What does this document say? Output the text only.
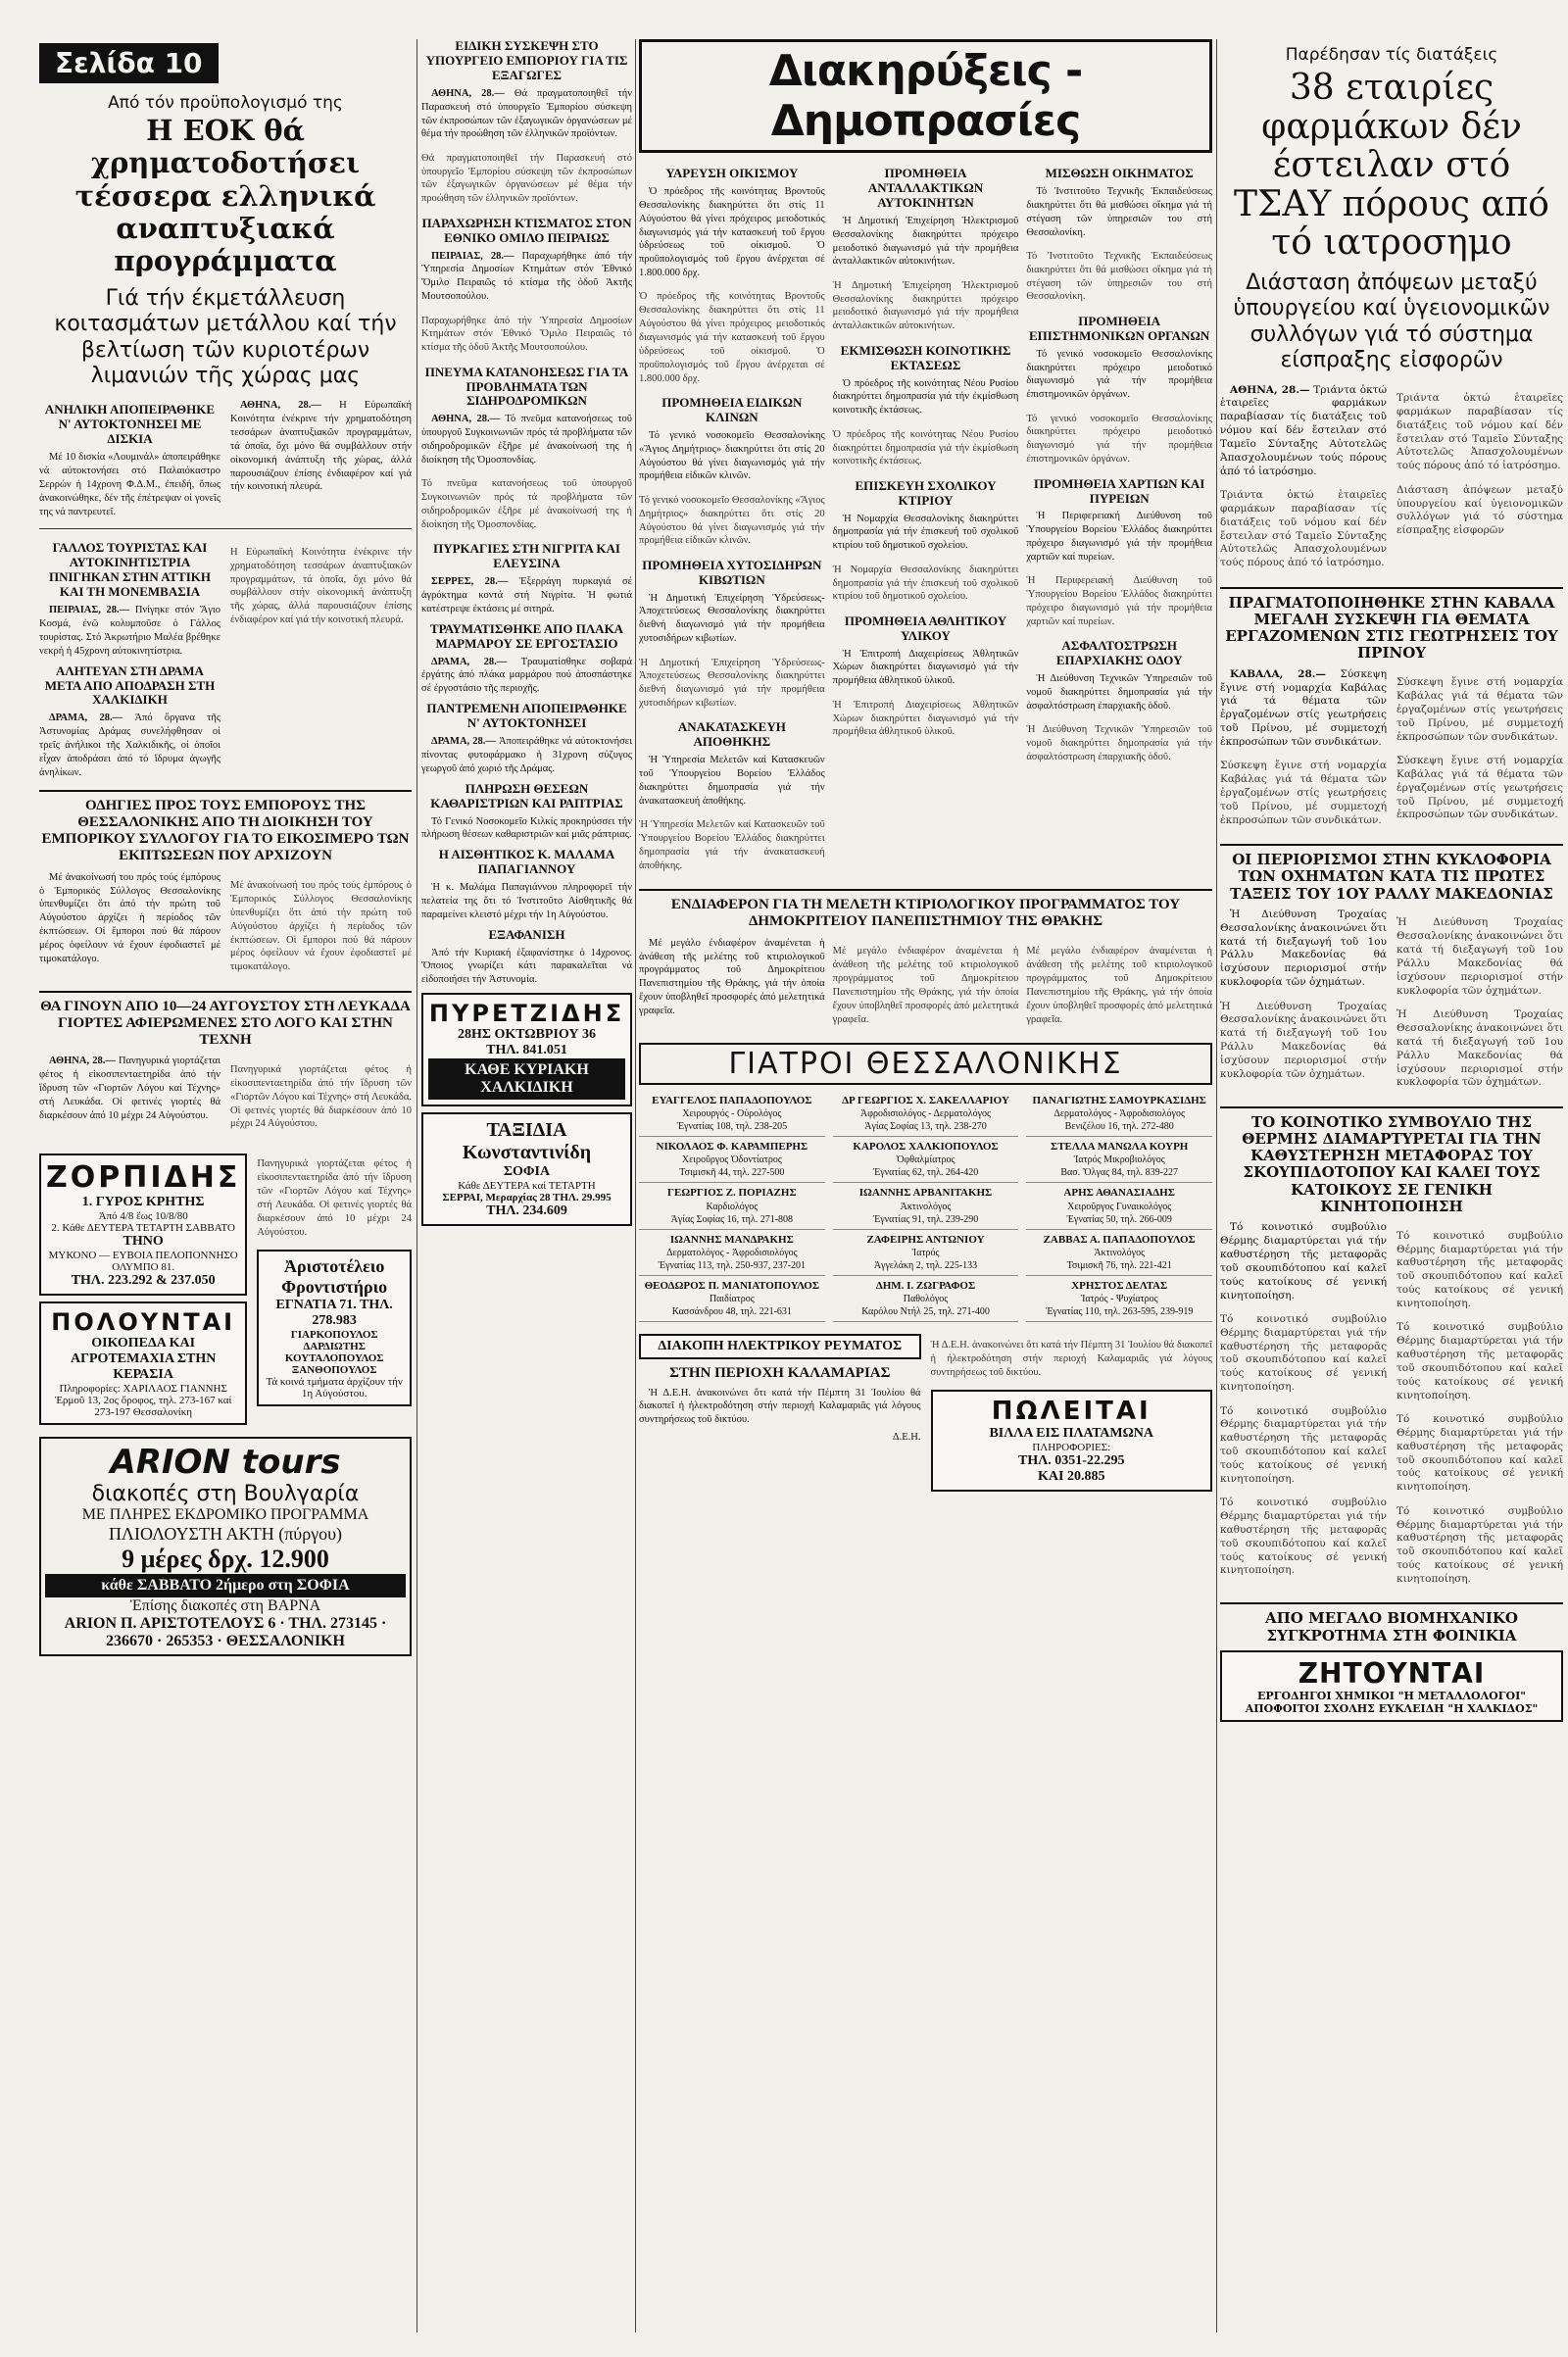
Σελίδα 10
Από τόν προϋπολογισμό της
Η ΕΟΚ θά χρηματοδοτήσει τέσσερα ελληνικά αναπτυξιακά προγράμματα
Γιά τήν έκμετάλλευση κοιτασμάτων μετάλλου καί τήν βελτίωση τῶν κυριοτέρων λιμανιών τῆς χώρας μας
ΑΝΗΛΙΚΗ ΑΠΟΠΕΙΡΑΘΗΚΕ Ν' ΑΥΤΟΚΤΟΝΗΣΕΙ ΜΕ ΔΙΣΚΙΑ

Μέ 10 δισκία «Λουμινάλ» ἀποπειράθηκε νά αὐτοκτονήσει στό Παλαιόκαστρο Σερρών ἡ 14χρονη Φ.Δ.Μ., ἐπειδή, ὅπως ἀνακοινώθηκε, δέν τῆς ἐπέτρεψαν οἱ γονεῖς της νά παντρευτεῖ.

ΑΘΗΝΑ, 28.— Η Εὐρωπαϊκή Κοινότητα ἐνέκρινε τήν χρηματοδότηση τεσσάρων ἀναπτυξιακῶν προγραμμάτων, τά ὁποῖα, ὄχι μόνο θά συμβάλλουν στήν οἰκονομική ἀνάπτυξη τῆς χώρας, ἀλλά παρουσιάζουν ἐπίσης ἐνδιαφέρον καί γιά τήν κοινοτική πλευρά.

ΓΑΛΛΟΣ ΤΟΥΡΙΣΤΑΣ ΚΑΙ ΑΥΤΟΚΙΝΗΤΙΣΤΡΙΑ ΠΝΙΓΗΚΑΝ ΣΤΗΝ ΑΤΤΙΚΗ ΚΑΙ ΤΗ ΜΟΝΕΜΒΑΣΙΑ

ΠΕΙΡΑΙΑΣ, 28.— Πνίγηκε στόν Ἅγιο Κοσμά, ἐνῶ κολυμποῦσε ὁ Γάλλος τουρίστας. Στό Ἀκρωτήριο Μαλέα βρέθηκε νεκρή ἡ 45χρονη αὐτοκινητίστρια.

ΑΛΗΤΕΥΑΝ ΣΤΗ ΔΡΑΜΑ ΜΕΤΑ ΑΠΟ ΑΠΟΔΡΑΣΗ ΣΤΗ ΧΑΛΚΙΔΙΚΗ

ΔΡΑΜΑ, 28.— Ἀπό ὄργανα τῆς Ἀστυνομίας Δράμας συνελήφθησαν οἱ τρεῖς ἀνήλικοι τῆς Χαλκιδικῆς, οἱ ὁποῖοι εἶχαν ἀποδράσει ἀπό τό ἵδρυμα ἀγωγῆς ἀνηλίκων.

Η Εὐρωπαϊκή Κοινότητα ἐνέκρινε τήν χρηματοδότηση τεσσάρων ἀναπτυξιακῶν προγραμμάτων, τά ὁποῖα, ὄχι μόνο θά συμβάλλουν στήν οἰκονομική ἀνάπτυξη τῆς χώρας, ἀλλά παρουσιάζουν ἐπίσης ἐνδιαφέρον καί γιά τήν κοινοτική πλευρά.

ΟΔΗΓΙΕΣ ΠΡΟΣ ΤΟΥΣ ΕΜΠΟΡΟΥΣ ΤΗΣ ΘΕΣΣΑΛΟΝΙΚΗΣ ΑΠΟ ΤΗ ΔΙΟΙΚΗΣΗ ΤΟΥ ΕΜΠΟΡΙΚΟΥ ΣΥΛΛΟΓΟΥ ΓΙΑ ΤΟ ΕΙΚΟΣΙΜΕΡΟ ΤΩΝ ΕΚΠΤΩΣΕΩΝ ΠΟΥ ΑΡΧΙΖΟΥΝ

Μέ ἀνακοίνωσή του πρός τούς ἐμπόρους ὁ Ἐμπορικός Σύλλογος Θεσσαλονίκης ὑπενθυμίζει ὅτι ἀπό τήν πρώτη τοῦ Αὐγούστου ἀρχίζει ἡ περίοδος τῶν ἐκπτώσεων. Οἱ ἔμποροι πού θά πάρουν μέρος ὀφείλουν νά ἔχουν ἐφοδιαστεῖ μέ τιμοκατάλογο.

Μέ ἀνακοίνωσή του πρός τούς ἐμπόρους ὁ Ἐμπορικός Σύλλογος Θεσσαλονίκης ὑπενθυμίζει ὅτι ἀπό τήν πρώτη τοῦ Αὐγούστου ἀρχίζει ἡ περίοδος τῶν ἐκπτώσεων. Οἱ ἔμποροι πού θά πάρουν μέρος ὀφείλουν νά ἔχουν ἐφοδιαστεῖ μέ τιμοκατάλογο.

ΘΑ ΓΙΝΟΥΝ ΑΠΟ 10—24 ΑΥΓΟΥΣΤΟΥ ΣΤΗ ΛΕΥΚΑΔΑ ΓΙΟΡΤΕΣ ΑΦΙΕΡΩΜΕΝΕΣ ΣΤΟ ΛΟΓΟ ΚΑΙ ΣΤΗΝ ΤΕΧΝΗ

ΑΘΗΝΑ, 28.— Πανηγυρικά γιορτάζεται φέτος ἡ εἰκοσιπενταετηρίδα ἀπό τήν ἵδρυση τῶν «Γιορτῶν Λόγου καί Τέχνης» στή Λευκάδα. Οἱ φετινές γιορτές θά διαρκέσουν ἀπό 10 μέχρι 24 Αὐγούστου.

Πανηγυρικά γιορτάζεται φέτος ἡ εἰκοσιπενταετηρίδα ἀπό τήν ἵδρυση τῶν «Γιορτῶν Λόγου καί Τέχνης» στή Λευκάδα. Οἱ φετινές γιορτές θά διαρκέσουν ἀπό 10 μέχρι 24 Αὐγούστου.

ΖΟΡΠΙΔΗΣ
1. ΓΥΡΟΣ ΚΡΗΤΗΣ
Ἀπό 4/8 ἕως 10/8/80
2. Κάθε ΔΕΥΤΕΡΑ ΤΕΤΑΡΤΗ ΣΑΒΒΑΤΟ
ΤΗΝΟ
ΜΥΚΟΝΟ — ΕΥΒΟΙΑ ΠΕΛΟΠΟΝΝΗΣΟ ΟΛΥΜΠΟ 81.
ΤΗΛ. 223.292 & 237.050
ΠΟΛΟΥΝΤΑΙ
ΟΙΚΟΠΕΔΑ ΚΑΙ ΑΓΡΟΤΕΜΑΧΙΑ ΣΤΗΝ ΚΕΡΑΣΙΑ
Πληροφορίες: ΧΑΡΙΛΑΟΣ ΓΙΑΝΝΗΣ
Ἐρμοῦ 13, 2ος ὄροφος, τηλ. 273-167 καί 273-197 Θεσσαλονίκη

Πανηγυρικά γιορτάζεται φέτος ἡ εἰκοσιπενταετηρίδα ἀπό τήν ἵδρυση τῶν «Γιορτῶν Λόγου καί Τέχνης» στή Λευκάδα. Οἱ φετινές γιορτές θά διαρκέσουν ἀπό 10 μέχρι 24 Αὐγούστου.

Ἀριστοτέλειο Φροντιστήριο
ΕΓΝΑΤΙΑ 71. ΤΗΛ. 278.983
ΓΙΑΡΚΟΠΟΥΛΟΣ ΔΑΡΔΙΩΤΗΣ ΚΟΥΤΑΛΟΠΟΥΛΟΣ ΞΑΝΘΟΠΟΥΛΟΣ
Τά κοινά τμήματα ἀρχίζουν τήν 1η Αὐγούστου.
ARION tours
διακοπές στη Βουλγαρία
ΜΕ ΠΛΗΡΕΣ ΕΚΔΡΟΜΙΚΟ ΠΡΟΓΡΑΜΜΑ
ΠΛΙΟΛΟΥΣΤΗ ΑΚΤΗ (πύργου)
9 μέρες δρχ. 12.900
κάθε ΣΑΒΒΑΤΟ 2ήμερο στη ΣΟΦΙΑ
Ἐπίσης διακοπές στη ΒΑΡΝΑ
ARION Π. ΑΡΙΣΤΟΤΕΛΟΥΣ 6 · ΤΗΛ. 273145 · 236670 · 265353 · ΘΕΣΣΑΛΟΝΙΚΗ
ΕΙΔΙΚΗ ΣΥΣΚΕΨΗ ΣΤΟ ΥΠΟΥΡΓΕΙΟ ΕΜΠΟΡΙΟΥ ΓΙΑ ΤΙΣ ΕΞΑΓΩΓΕΣ

ΑΘΗΝΑ, 28.— Θά πραγματοποιηθεῖ τήν Παρασκευή στό ὑπουργεῖο Ἐμπορίου σύσκεψη τῶν ἐκπροσώπων τῶν ἐξαγωγικῶν ὀργανώσεων μέ θέμα τήν προώθηση τῶν ἑλληνικῶν προϊόντων.

Θά πραγματοποιηθεῖ τήν Παρασκευή στό ὑπουργεῖο Ἐμπορίου σύσκεψη τῶν ἐκπροσώπων τῶν ἐξαγωγικῶν ὀργανώσεων μέ θέμα τήν προώθηση τῶν ἑλληνικῶν προϊόντων.

ΠΑΡΑΧΩΡΗΣΗ ΚΤΙΣΜΑΤΟΣ ΣΤΟΝ ΕΘΝΙΚΟ ΟΜΙΛΟ ΠΕΙΡΑΙΩΣ

ΠΕΙΡΑΙΑΣ, 28.— Παραχωρήθηκε ἀπό τήν Ὑπηρεσία Δημοσίων Κτημάτων στόν Ἐθνικό Ὅμιλο Πειραιῶς τό κτίσμα τῆς ὁδοῦ Ἀκτῆς Μουτσοπούλου.

Παραχωρήθηκε ἀπό τήν Ὑπηρεσία Δημοσίων Κτημάτων στόν Ἐθνικό Ὅμιλο Πειραιῶς τό κτίσμα τῆς ὁδοῦ Ἀκτῆς Μουτσοπούλου.

ΠΝΕΥΜΑ ΚΑΤΑΝΟΗΣΕΩΣ ΓΙΑ ΤΑ ΠΡΟΒΛΗΜΑΤΑ ΤΩΝ ΣΙΔΗΡΟΔΡΟΜΙΚΩΝ

ΑΘΗΝΑ, 28.— Τό πνεῦμα κατανοήσεως τοῦ ὑπουργοῦ Συγκοινωνιῶν πρός τά προβλήματα τῶν σιδηροδρομικῶν ἐξῆρε μέ ἀνακοίνωσή της ἡ διοίκηση τῆς Ὁμοσπονδίας.

Τό πνεῦμα κατανοήσεως τοῦ ὑπουργοῦ Συγκοινωνιῶν πρός τά προβλήματα τῶν σιδηροδρομικῶν ἐξῆρε μέ ἀνακοίνωσή της ἡ διοίκηση τῆς Ὁμοσπονδίας.

ΠΥΡΚΑΓΙΕΣ ΣΤΗ ΝΙΓΡΙΤΑ ΚΑΙ ΕΛΕΥΣΙΝΑ

ΣΕΡΡΕΣ, 28.— Ἐξερράγη πυρκαγιά σέ ἀγρόκτημα κοντά στή Νιγρίτα. Ἡ φωτιά κατέστρεψε ἐκτάσεις μέ σιτηρά.

ΤΡΑΥΜΑΤΙΣΘΗΚΕ ΑΠΟ ΠΛΑΚΑ ΜΑΡΜΑΡΟΥ ΣΕ ΕΡΓΟΣΤΑΣΙΟ

ΔΡΑΜΑ, 28.— Τραυματίσθηκε σοβαρά ἐργάτης ἀπό πλάκα μαρμάρου πού ἀποσπάστηκε σέ ἐργοστάσιο τῆς περιοχῆς.

ΠΑΝΤΡΕΜΕΝΗ ΑΠΟΠΕΙΡΑΘΗΚΕ Ν' ΑΥΤΟΚΤΟΝΗΣΕΙ

ΔΡΑΜΑ, 28.— Ἀποπειράθηκε νά αὐτοκτονήσει πίνοντας φυτοφάρμακο ἡ 31χρονη σύζυγος γεωργοῦ ἀπό χωριό τῆς Δράμας.

ΠΛΗΡΩΣΗ ΘΕΣΕΩΝ ΚΑΘΑΡΙΣΤΡΙΩΝ ΚΑΙ ΡΑΠΤΡΙΑΣ

Τό Γενικό Νοσοκομεῖο Κιλκίς προκηρύσσει τήν πλήρωση θέσεων καθαριστριῶν καί μιᾶς ράπτριας.

Η ΑΙΣΘΗΤΙΚΟΣ Κ. ΜΑΛΑΜΑ ΠΑΠΑΓΙΑΝΝΟΥ

Ἡ κ. Μαλάμα Παπαγιάννου πληροφορεῖ τήν πελατεία της ὅτι τό Ἰνστιτοῦτο Αἰσθητικῆς θά παραμείνει κλειστό μέχρι τήν 1η Αὐγούστου.

ΕΞΑΦΑΝΙΣΗ

Ἀπό τήν Κυριακή ἐξαφανίστηκε ὁ 14χρονος. Ὅποιος γνωρίζει κάτι παρακαλεῖται νά εἰδοποιήσει τήν Ἀστυνομία.

ΠΥΡΕΤΖΙΔΗΣ
28ΗΣ ΟΚΤΩΒΡΙΟΥ 36
ΤΗΛ. 841.051
ΚΑΘΕ ΚΥΡΙΑΚΗ ΧΑΛΚΙΔΙΚΗ
ΤΑΞΙΔΙΑ Κωνσταντινίδη
ΣΟΦΙΑ
Κάθε ΔΕΥΤΕΡΑ καί ΤΕΤΑΡΤΗ
ΣΕΡΡΑΙ, Μεραρχίας 28 ΤΗΛ. 29.995
ΤΗΛ. 234.609
Διακηρύξεις - Δημοπρασίες
ΥΑΡΕΥΣΗ ΟΙΚΙΣΜΟΥ

Ὁ πρόεδρος τῆς κοινότητας Βροντοῦς Θεσσαλονίκης διακηρύττει ὅτι στίς 11 Αὐγούστου θά γίνει πρόχειρος μειοδοτικός διαγωνισμός γιά τήν κατασκευή τοῦ ἔργου ὑδρεύσεως τοῦ οἰκισμοῦ. Ὁ προϋπολογισμός τοῦ ἔργου ἀνέρχεται σέ 1.800.000 δρχ.

Ὁ πρόεδρος τῆς κοινότητας Βροντοῦς Θεσσαλονίκης διακηρύττει ὅτι στίς 11 Αὐγούστου θά γίνει πρόχειρος μειοδοτικός διαγωνισμός γιά τήν κατασκευή τοῦ ἔργου ὑδρεύσεως τοῦ οἰκισμοῦ. Ὁ προϋπολογισμός τοῦ ἔργου ἀνέρχεται σέ 1.800.000 δρχ.

ΠΡΟΜΗΘΕΙΑ ΕΙΔΙΚΩΝ ΚΛΙΝΩΝ

Τό γενικό νοσοκομεῖο Θεσσαλονίκης «Ἅγιος Δημήτριος» διακηρύττει ὅτι στίς 20 Αὐγούστου θά γίνει διαγωνισμός γιά τήν προμήθεια εἰδικῶν κλινῶν.

Τό γενικό νοσοκομεῖο Θεσσαλονίκης «Ἅγιος Δημήτριος» διακηρύττει ὅτι στίς 20 Αὐγούστου θά γίνει διαγωνισμός γιά τήν προμήθεια εἰδικῶν κλινῶν.

ΠΡΟΜΗΘΕΙΑ ΧΥΤΟΣΙΔΗΡΩΝ ΚΙΒΩΤΙΩΝ

Ἡ Δημοτική Ἐπιχείρηση Ὑδρεύσεως-Ἀποχετεύσεως Θεσσαλονίκης διακηρύττει διεθνή διαγωνισμό γιά τήν προμήθεια χυτοσιδήρων κιβωτίων.

Ἡ Δημοτική Ἐπιχείρηση Ὑδρεύσεως-Ἀποχετεύσεως Θεσσαλονίκης διακηρύττει διεθνή διαγωνισμό γιά τήν προμήθεια χυτοσιδήρων κιβωτίων.

ΑΝΑΚΑΤΑΣΚΕΥΗ ΑΠΟΘΗΚΗΣ

Ἡ Ὑπηρεσία Μελετῶν καί Κατασκευῶν τοῦ Ὑπουργείου Βορείου Ἑλλάδος διακηρύττει δημοπρασία γιά τήν ἀνακατασκευή ἀποθήκης.

Ἡ Ὑπηρεσία Μελετῶν καί Κατασκευῶν τοῦ Ὑπουργείου Βορείου Ἑλλάδος διακηρύττει δημοπρασία γιά τήν ἀνακατασκευή ἀποθήκης.

ΠΡΟΜΗΘΕΙΑ ΑΝΤΑΛΛΑΚΤΙΚΩΝ ΑΥΤΟΚΙΝΗΤΩΝ

Ἡ Δημοτική Ἐπιχείρηση Ἠλεκτρισμοῦ Θεσσαλονίκης διακηρύττει πρόχειρο μειοδοτικό διαγωνισμό γιά τήν προμήθεια ἀνταλλακτικῶν αὐτοκινήτων.

Ἡ Δημοτική Ἐπιχείρηση Ἠλεκτρισμοῦ Θεσσαλονίκης διακηρύττει πρόχειρο μειοδοτικό διαγωνισμό γιά τήν προμήθεια ἀνταλλακτικῶν αὐτοκινήτων.

ΕΚΜΙΣΘΩΣΗ ΚΟΙΝΟΤΙΚΗΣ ΕΚΤΑΣΕΩΣ

Ὁ πρόεδρος τῆς κοινότητας Νέου Ρυσίου διακηρύττει δημοπρασία γιά τήν ἐκμίσθωση κοινοτικῆς ἐκτάσεως.

Ὁ πρόεδρος τῆς κοινότητας Νέου Ρυσίου διακηρύττει δημοπρασία γιά τήν ἐκμίσθωση κοινοτικῆς ἐκτάσεως.

ΕΠΙΣΚΕΥΗ ΣΧΟΛΙΚΟΥ ΚΤΙΡΙΟΥ

Ἡ Νομαρχία Θεσσαλονίκης διακηρύττει δημοπρασία γιά τήν ἐπισκευή τοῦ σχολικοῦ κτιρίου τοῦ δημοτικοῦ σχολείου.

Ἡ Νομαρχία Θεσσαλονίκης διακηρύττει δημοπρασία γιά τήν ἐπισκευή τοῦ σχολικοῦ κτιρίου τοῦ δημοτικοῦ σχολείου.

ΠΡΟΜΗΘΕΙΑ ΑΘΛΗΤΙΚΟΥ ΥΛΙΚΟΥ

Ἡ Ἐπιτροπή Διαχειρίσεως Ἀθλητικῶν Χώρων διακηρύττει διαγωνισμό γιά τήν προμήθεια ἀθλητικοῦ ὑλικοῦ.

Ἡ Ἐπιτροπή Διαχειρίσεως Ἀθλητικῶν Χώρων διακηρύττει διαγωνισμό γιά τήν προμήθεια ἀθλητικοῦ ὑλικοῦ.

ΜΙΣΘΩΣΗ ΟΙΚΗΜΑΤΟΣ

Τό Ἰνστιτοῦτο Τεχνικῆς Ἐκπαιδεύσεως διακηρύττει ὅτι θά μισθώσει οἴκημα γιά τή στέγαση τῶν ὑπηρεσιῶν του στή Θεσσαλονίκη.

Τό Ἰνστιτοῦτο Τεχνικῆς Ἐκπαιδεύσεως διακηρύττει ὅτι θά μισθώσει οἴκημα γιά τή στέγαση τῶν ὑπηρεσιῶν του στή Θεσσαλονίκη.

ΠΡΟΜΗΘΕΙΑ ΕΠΙΣΤΗΜΟΝΙΚΩΝ ΟΡΓΑΝΩΝ

Τό γενικό νοσοκομεῖο Θεσσαλονίκης διακηρύττει πρόχειρο μειοδοτικό διαγωνισμό γιά τήν προμήθεια ἐπιστημονικῶν ὀργάνων.

Τό γενικό νοσοκομεῖο Θεσσαλονίκης διακηρύττει πρόχειρο μειοδοτικό διαγωνισμό γιά τήν προμήθεια ἐπιστημονικῶν ὀργάνων.

ΠΡΟΜΗΘΕΙΑ ΧΑΡΤΙΩΝ ΚΑΙ ΠΥΡΕΙΩΝ

Ἡ Περιφερειακή Διεύθυνση τοῦ Ὑπουργείου Βορείου Ἑλλάδος διακηρύττει πρόχειρο διαγωνισμό γιά τήν προμήθεια χαρτιῶν καί πυρείων.

Ἡ Περιφερειακή Διεύθυνση τοῦ Ὑπουργείου Βορείου Ἑλλάδος διακηρύττει πρόχειρο διαγωνισμό γιά τήν προμήθεια χαρτιῶν καί πυρείων.

ΑΣΦΑΛΤΟΣΤΡΩΣΗ ΕΠΑΡΧΙΑΚΗΣ ΟΔΟΥ

Ἡ Διεύθυνση Τεχνικῶν Ὑπηρεσιῶν τοῦ νομοῦ διακηρύττει δημοπρασία γιά τήν ἀσφαλτόστρωση ἐπαρχιακῆς ὁδοῦ.

Ἡ Διεύθυνση Τεχνικῶν Ὑπηρεσιῶν τοῦ νομοῦ διακηρύττει δημοπρασία γιά τήν ἀσφαλτόστρωση ἐπαρχιακῆς ὁδοῦ.

ΕΝΔΙΑΦΕΡΟΝ ΓΙΑ ΤΗ ΜΕΛΕΤΗ ΚΤΙΡΙΟΛΟΓΙΚΟΥ ΠΡΟΓΡΑΜΜΑΤΟΣ ΤΟΥ ΔΗΜΟΚΡΙΤΕΙΟΥ ΠΑΝΕΠΙΣΤΗΜΙΟΥ ΤΗΣ ΘΡΑΚΗΣ

Μέ μεγάλο ἐνδιαφέρον ἀναμένεται ἡ ἀνάθεση τῆς μελέτης τοῦ κτιριολογικοῦ προγράμματος τοῦ Δημοκρίτειου Πανεπιστημίου τῆς Θράκης, γιά τήν ὁποία ἔχουν ὑποβληθεῖ προσφορές ἀπό μελετητικά γραφεῖα.

Μέ μεγάλο ἐνδιαφέρον ἀναμένεται ἡ ἀνάθεση τῆς μελέτης τοῦ κτιριολογικοῦ προγράμματος τοῦ Δημοκρίτειου Πανεπιστημίου τῆς Θράκης, γιά τήν ὁποία ἔχουν ὑποβληθεῖ προσφορές ἀπό μελετητικά γραφεῖα.

Μέ μεγάλο ἐνδιαφέρον ἀναμένεται ἡ ἀνάθεση τῆς μελέτης τοῦ κτιριολογικοῦ προγράμματος τοῦ Δημοκρίτειου Πανεπιστημίου τῆς Θράκης, γιά τήν ὁποία ἔχουν ὑποβληθεῖ προσφορές ἀπό μελετητικά γραφεῖα.

ΓΙΑΤΡΟΙ ΘΕΣΣΑΛΟΝΙΚΗΣ
ΕΥΑΓΓΕΛΟΣ ΠΑΠΑΔΟΠΟΥΛΟΣ
Χειρουργός - Οὐρολόγος
Ἐγνατίας 108, τηλ. 238-205
ΝΙΚΟΛΑΟΣ Φ. ΚΑΡΑΜΠΕΡΗΣ
Χειροῦργος Ὀδοντίατρος
Τσιμισκῆ 44, τηλ. 227-500
ΓΕΩΡΓΙΟΣ Ζ. ΠΟΡΙΑΖΗΣ
Καρδιολόγος
Ἁγίας Σοφίας 16, τηλ. 271-808
ΙΩΑΝΝΗΣ ΜΑΝΔΡΑΚΗΣ
Δερματολόγος - Ἀφροδισιολόγος
Ἐγνατίας 113, τηλ. 250-937, 237-201
ΘΕΟΔΩΡΟΣ Π. ΜΑΝΙΑΤΟΠΟΥΛΟΣ
Παιδίατρος
Κασσάνδρου 48, τηλ. 221-631
ΔΡ ΓΕΩΡΓΙΟΣ Χ. ΣΑΚΕΛΛΑΡΙΟΥ
Ἀφροδισιολόγος - Δερματολόγος
Ἁγίας Σοφίας 13, τηλ. 238-270
ΚΑΡΟΛΟΣ ΧΑΛΚΙΟΠΟΥΛΟΣ
Ὀφθαλμίατρος
Ἐγνατίας 62, τηλ. 264-420
ΙΩΑΝΝΗΣ ΑΡΒΑΝΙΤΑΚΗΣ
Ἀκτινολόγος
Ἐγνατίας 91, τηλ. 239-290
ΖΑΦΕΙΡΗΣ ΑΝΤΩΝΙΟΥ
Ἰατρός
Ἀγγελάκη 2, τηλ. 225-133
ΔΗΜ. Ι. ΖΩΓΡΑΦΟΣ
Παθολόγος
Καρόλου Ντήλ 25, τηλ. 271-400
ΠΑΝΑΓΙΩΤΗΣ ΣΑΜΟΥΡΚΑΣΙΔΗΣ
Δερματολόγος - Ἀφροδισιολόγος
Βενιζέλου 16, τηλ. 272-480
ΣΤΕΛΛΑ ΜΑΝΩΛΑ ΚΟΥΡΗ
Ἰατρός Μικροβιολόγος
Βασ. Ὄλγας 84, τηλ. 839-227
ΑΡΗΣ ΑΘΑΝΑΣΙΑΔΗΣ
Χειροῦργος Γυναικολόγος
Ἐγνατίας 50, τηλ. 266-009
ΖΑΒΒΑΣ Α. ΠΑΠΑΔΟΠΟΥΛΟΣ
Ἀκτινολόγος
Τσιμισκῆ 76, τηλ. 221-421
ΧΡΗΣΤΟΣ ΔΕΛΤΑΣ
Ἰατρός - Ψυχίατρος
Ἐγνατίας 110, τηλ. 263-595, 239-919
ΔΙΑΚΟΠΗ ΗΛΕΚΤΡΙΚΟΥ ΡΕΥΜΑΤΟΣ
ΣΤΗΝ ΠΕΡΙΟΧΗ ΚΑΛΑΜΑΡΙΑΣ

Ἡ Δ.Ε.Η. ἀνακοινώνει ὅτι κατά τήν Πέμπτη 31 Ἰουλίου θά διακοπεῖ ἡ ἠλεκτροδότηση στήν περιοχή Καλαμαριᾶς γιά λόγους συντηρήσεως τοῦ δικτύου.

Δ.Ε.Η.

Ἡ Δ.Ε.Η. ἀνακοινώνει ὅτι κατά τήν Πέμπτη 31 Ἰουλίου θά διακοπεῖ ἡ ἠλεκτροδότηση στήν περιοχή Καλαμαριᾶς γιά λόγους συντηρήσεως τοῦ δικτύου.

ΠΩΛΕΙΤΑΙ
ΒΙΛΛΑ ΕΙΣ ΠΛΑΤΑΜΩΝΑ
ΠΛΗΡΟΦΟΡΙΕΣ:
ΤΗΛ. 0351-22.295
ΚΑΙ 20.885
Παρέδησαν τίς διατάξεις
38 εταιρίες φαρμάκων δέν έστειλαν στό ΤΣΑΥ πόρους από τό ιατροσημο
Διάσταση ἀπόψεων μεταξύ ὑπουργείου καί ὑγειονομικῶν συλλόγων γιά τό σύστημα είσπραξης εἰσφορῶν

ΑΘΗΝΑ, 28.— Τριάντα ὀκτώ ἑταιρεῖες φαρμάκων παραβίασαν τίς διατάξεις τοῦ νόμου καί δέν ἔστειλαν στό Ταμεῖο Σύνταξης Αὐτοτελῶς Ἀπασχολουμένων τούς πόρους ἀπό τό ἰατρόσημο.

Τριάντα ὀκτώ ἑταιρεῖες φαρμάκων παραβίασαν τίς διατάξεις τοῦ νόμου καί δέν ἔστειλαν στό Ταμεῖο Σύνταξης Αὐτοτελῶς Ἀπασχολουμένων τούς πόρους ἀπό τό ἰατρόσημο.

Τριάντα ὀκτώ ἑταιρεῖες φαρμάκων παραβίασαν τίς διατάξεις τοῦ νόμου καί δέν ἔστειλαν στό Ταμεῖο Σύνταξης Αὐτοτελῶς Ἀπασχολουμένων τούς πόρους ἀπό τό ἰατρόσημο.

Διάσταση ἀπόψεων μεταξύ ὑπουργείου καί ὑγειονομικῶν συλλόγων γιά τό σύστημα είσπραξης εἰσφορῶν

ΠΡΑΓΜΑΤΟΠΟΙΗΘΗΚΕ ΣΤΗΝ ΚΑΒΑΛΑ ΜΕΓΑΛΗ ΣΥΣΚΕΨΗ ΓΙΑ ΘΕΜΑΤΑ ΕΡΓΑΖΟΜΕΝΩΝ ΣΤΙΣ ΓΕΩΤΡΗΣΕΙΣ ΤΟΥ ΠΡΙΝΟΥ

ΚΑΒΑΛΑ, 28.— Σύσκεψη ἔγινε στή νομαρχία Καβάλας γιά τά θέματα τῶν ἐργαζομένων στίς γεωτρήσεις τοῦ Πρίνου, μέ συμμετοχή ἐκπροσώπων τῶν συνδικάτων.

Σύσκεψη ἔγινε στή νομαρχία Καβάλας γιά τά θέματα τῶν ἐργαζομένων στίς γεωτρήσεις τοῦ Πρίνου, μέ συμμετοχή ἐκπροσώπων τῶν συνδικάτων.

Σύσκεψη ἔγινε στή νομαρχία Καβάλας γιά τά θέματα τῶν ἐργαζομένων στίς γεωτρήσεις τοῦ Πρίνου, μέ συμμετοχή ἐκπροσώπων τῶν συνδικάτων.

Σύσκεψη ἔγινε στή νομαρχία Καβάλας γιά τά θέματα τῶν ἐργαζομένων στίς γεωτρήσεις τοῦ Πρίνου, μέ συμμετοχή ἐκπροσώπων τῶν συνδικάτων.

ΟΙ ΠΕΡΙΟΡΙΣΜΟΙ ΣΤΗΝ ΚΥΚΛΟΦΟΡΙΑ ΤΩΝ ΟΧΗΜΑΤΩΝ ΚΑΤΑ ΤΙΣ ΠΡΩΤΕΣ ΤΑΞΕΙΣ ΤΟΥ 1ΟΥ ΡΑΛΛΥ ΜΑΚΕΔΟΝΙΑΣ

Ἡ Διεύθυνση Τροχαίας Θεσσαλονίκης ἀνακοινώνει ὅτι κατά τή διεξαγωγή τοῦ 1ου Ράλλυ Μακεδονίας θά ἰσχύσουν περιορισμοί στήν κυκλοφορία τῶν ὀχημάτων.

Ἡ Διεύθυνση Τροχαίας Θεσσαλονίκης ἀνακοινώνει ὅτι κατά τή διεξαγωγή τοῦ 1ου Ράλλυ Μακεδονίας θά ἰσχύσουν περιορισμοί στήν κυκλοφορία τῶν ὀχημάτων.

Ἡ Διεύθυνση Τροχαίας Θεσσαλονίκης ἀνακοινώνει ὅτι κατά τή διεξαγωγή τοῦ 1ου Ράλλυ Μακεδονίας θά ἰσχύσουν περιορισμοί στήν κυκλοφορία τῶν ὀχημάτων.

Ἡ Διεύθυνση Τροχαίας Θεσσαλονίκης ἀνακοινώνει ὅτι κατά τή διεξαγωγή τοῦ 1ου Ράλλυ Μακεδονίας θά ἰσχύσουν περιορισμοί στήν κυκλοφορία τῶν ὀχημάτων.

ΤΟ ΚΟΙΝΟΤΙΚΟ ΣΥΜΒΟΥΛΙΟ ΤΗΣ ΘΕΡΜΗΣ ΔΙΑΜΑΡΤΥΡΕΤΑΙ ΓΙΑ ΤΗΝ ΚΑΘΥΣΤΕΡΗΣΗ ΜΕΤΑΦΟΡΑΣ ΤΟΥ ΣΚΟΥΠΙΔΟΤΟΠΟΥ ΚΑΙ ΚΑΛΕΙ ΤΟΥΣ ΚΑΤΟΙΚΟΥΣ ΣΕ ΓΕΝΙΚΗ ΚΙΝΗΤΟΠΟΙΗΣΗ

Τό κοινοτικό συμβούλιο Θέρμης διαμαρτύρεται γιά τήν καθυστέρηση τῆς μεταφορᾶς τοῦ σκουπιδότοπου καί καλεῖ τούς κατοίκους σέ γενική κινητοποίηση.

Τό κοινοτικό συμβούλιο Θέρμης διαμαρτύρεται γιά τήν καθυστέρηση τῆς μεταφορᾶς τοῦ σκουπιδότοπου καί καλεῖ τούς κατοίκους σέ γενική κινητοποίηση.

Τό κοινοτικό συμβούλιο Θέρμης διαμαρτύρεται γιά τήν καθυστέρηση τῆς μεταφορᾶς τοῦ σκουπιδότοπου καί καλεῖ τούς κατοίκους σέ γενική κινητοποίηση.

Τό κοινοτικό συμβούλιο Θέρμης διαμαρτύρεται γιά τήν καθυστέρηση τῆς μεταφορᾶς τοῦ σκουπιδότοπου καί καλεῖ τούς κατοίκους σέ γενική κινητοποίηση.

Τό κοινοτικό συμβούλιο Θέρμης διαμαρτύρεται γιά τήν καθυστέρηση τῆς μεταφορᾶς τοῦ σκουπιδότοπου καί καλεῖ τούς κατοίκους σέ γενική κινητοποίηση.

Τό κοινοτικό συμβούλιο Θέρμης διαμαρτύρεται γιά τήν καθυστέρηση τῆς μεταφορᾶς τοῦ σκουπιδότοπου καί καλεῖ τούς κατοίκους σέ γενική κινητοποίηση.

Τό κοινοτικό συμβούλιο Θέρμης διαμαρτύρεται γιά τήν καθυστέρηση τῆς μεταφορᾶς τοῦ σκουπιδότοπου καί καλεῖ τούς κατοίκους σέ γενική κινητοποίηση.

Τό κοινοτικό συμβούλιο Θέρμης διαμαρτύρεται γιά τήν καθυστέρηση τῆς μεταφορᾶς τοῦ σκουπιδότοπου καί καλεῖ τούς κατοίκους σέ γενική κινητοποίηση.

ΑΠΟ ΜΕΓΑΛΟ ΒΙΟΜΗΧΑΝΙΚΟ ΣΥΓΚΡΟΤΗΜΑ ΣΤΗ ΦΟΙΝΙΚΙΑ
ΖΗΤΟΥΝΤΑΙ
ΕΡΓΟΔΗΓΟΙ ΧΗΜΙΚΟΙ "Η ΜΕΤΑΛΛΟΛΟΓΟΙ"
ΑΠΟΦΟΙΤΟΙ ΣΧΟΛΗΣ ΕΥΚΛΕΙΔΗ "Η ΧΑΛΚΙΔΟΣ"
